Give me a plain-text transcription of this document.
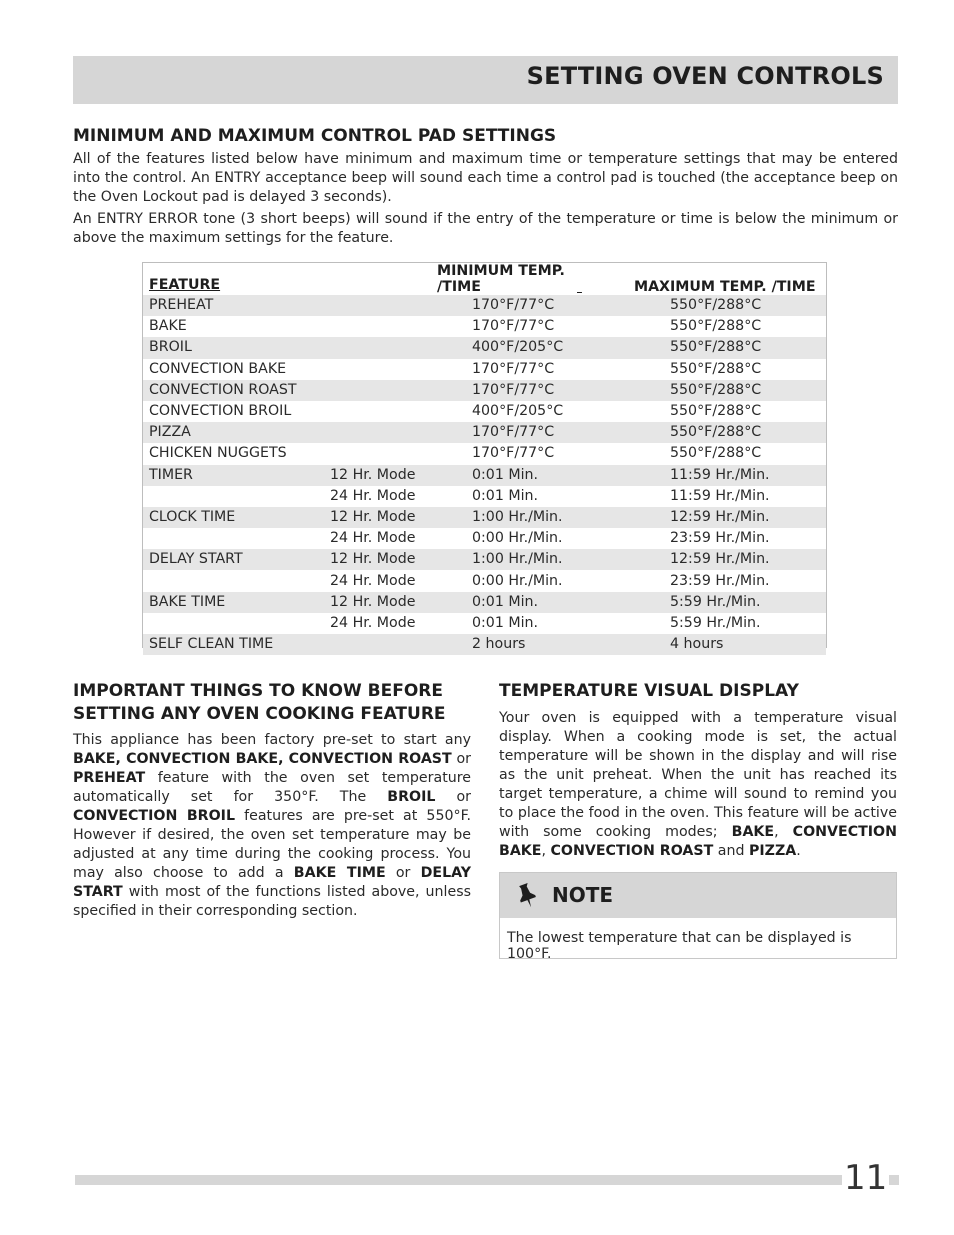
SETTING OVEN CONTROLS
MINIMUM AND MAXIMUM CONTROL PAD SETTINGS

All of the features listed below have minimum and maximum time or temperature settings that may be entered into the control. An ENTRY acceptance beep will sound each time a control pad is touched (the acceptance beep on the Oven Lockout pad is delayed 3 seconds).

An ENTRY ERROR tone (3 short beeps) will sound if the entry of the temperature or time is below the minimum or above the maximum settings for the feature.

FEATURE		MINIMUM TEMP. /TIME MAXIMUM TEMP. /TIME	
PREHEAT		170°F/77°C	550°F/288°C
BAKE		170°F/77°C	550°F/288°C
BROIL		400°F/205°C	550°F/288°C
CONVECTION BAKE		170°F/77°C	550°F/288°C
CONVECTION ROAST		170°F/77°C	550°F/288°C
CONVECTION BROIL		400°F/205°C	550°F/288°C
PIZZA		170°F/77°C	550°F/288°C
CHICKEN NUGGETS		170°F/77°C	550°F/288°C
TIMER	12 Hr. Mode	0:01 Min.	11:59 Hr./Min.
	24 Hr. Mode	0:01 Min.	11:59 Hr./Min.
CLOCK TIME	12 Hr. Mode	1:00 Hr./Min.	12:59 Hr./Min.
	24 Hr. Mode	0:00 Hr./Min.	23:59 Hr./Min.
DELAY START	12 Hr. Mode	1:00 Hr./Min.	12:59 Hr./Min.
	24 Hr. Mode	0:00 Hr./Min.	23:59 Hr./Min.
BAKE TIME	12 Hr. Mode	0:01 Min.	5:59 Hr./Min.
	24 Hr. Mode	0:01 Min.	5:59 Hr./Min.
SELF CLEAN TIME		2 hours	4 hours
IMPORTANT THINGS TO KNOW BEFORE
SETTING ANY OVEN COOKING FEATURE
This appliance has been factory pre-set to start any BAKE, CONVECTION BAKE, CONVECTION ROAST or PREHEAT feature with the oven set temperature automatically set for 350°F. The BROIL or CONVECTION BROIL features are pre-set at 550°F. However if desired, the oven set temperature may be adjusted at any time during the cooking process. You may also choose to add a BAKE TIME or DELAY START with most of the functions listed above, unless specified in their corresponding section.
TEMPERATURE VISUAL DISPLAY
Your oven is equipped with a temperature visual display. When a cooking mode is set, the actual temperature will be shown in the display and will rise as the unit preheat. When the unit has reached its target temperature, a chime will sound to remind you to place the food in the oven. This feature will be active with some cooking modes; BAKE, CONVECTION BAKE, CONVECTION ROAST and PIZZA.
NOTE
The lowest temperature that can be displayed is 100°F.
11
